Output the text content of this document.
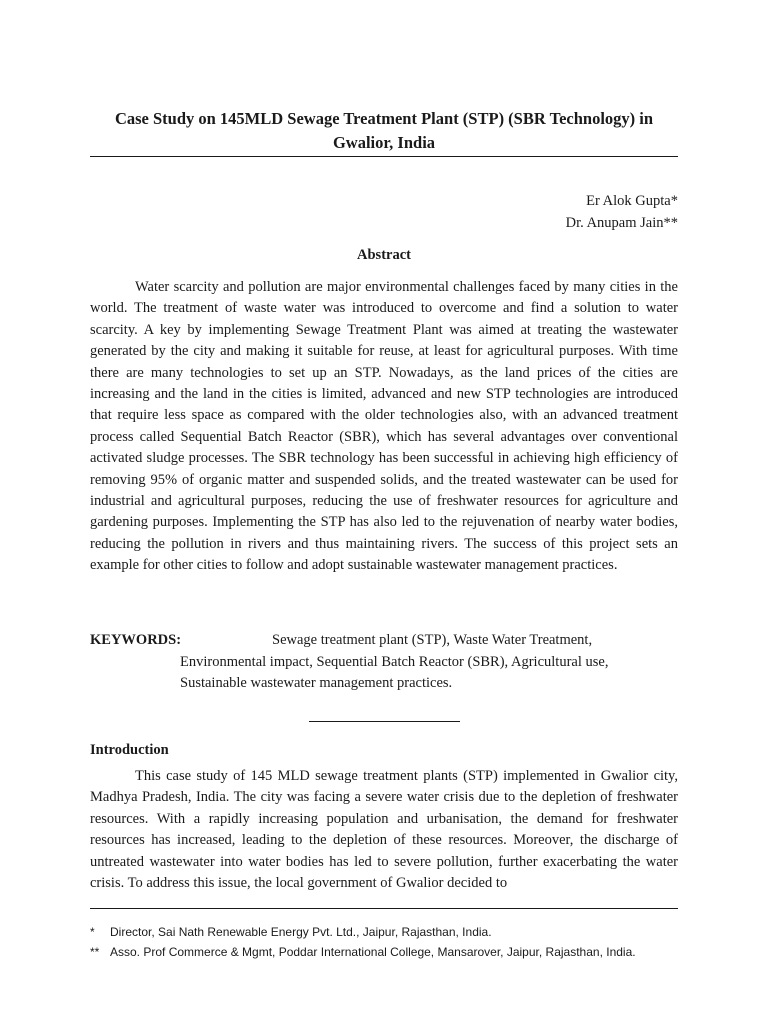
Case Study on 145MLD Sewage Treatment Plant (STP) (SBR Technology) in Gwalior, India
Er Alok Gupta*
Dr. Anupam Jain**
Abstract

Water scarcity and pollution are major environmental challenges faced by many cities in the world. The treatment of waste water was introduced to overcome and find a solution to water scarcity. A key by implementing Sewage Treatment Plant was aimed at treating the wastewater generated by the city and making it suitable for reuse, at least for agricultural purposes. With time there are many technologies to set up an STP. Nowadays, as the land prices of the cities are increasing and the land in the cities is limited, advanced and new STP technologies are introduced that require less space as compared with the older technologies also, with an advanced treatment process called Sequential Batch Reactor (SBR), which has several advantages over conventional activated sludge processes. The SBR technology has been successful in achieving high efficiency of removing 95% of organic matter and suspended solids, and the treated wastewater can be used for industrial and agricultural purposes, reducing the use of freshwater resources for agriculture and gardening purposes. Implementing the STP has also led to the rejuvenation of nearby water bodies, reducing the pollution in rivers and thus maintaining rivers. The success of this project sets an example for other cities to follow and adopt sustainable wastewater management practices.

KEYWORDS:	Sewage treatment plant (STP), Waste Water Treatment,
Environmental impact, Sequential Batch Reactor (SBR), Agricultural use,
Sustainable wastewater management practices.
Introduction

This case study of 145 MLD sewage treatment plants (STP) implemented in Gwalior city, Madhya Pradesh, India. The city was facing a severe water crisis due to the depletion of freshwater resources. With a rapidly increasing population and urbanisation, the demand for freshwater resources has increased, leading to the depletion of these resources. Moreover, the discharge of untreated wastewater into water bodies has led to severe pollution, further exacerbating the water crisis. To address this issue, the local government of Gwalior decided to

* Director, Sai Nath Renewable Energy Pvt. Ltd., Jaipur, Rajasthan, India.
** Asso. Prof Commerce & Mgmt, Poddar International College, Mansarover, Jaipur, Rajasthan, India.
